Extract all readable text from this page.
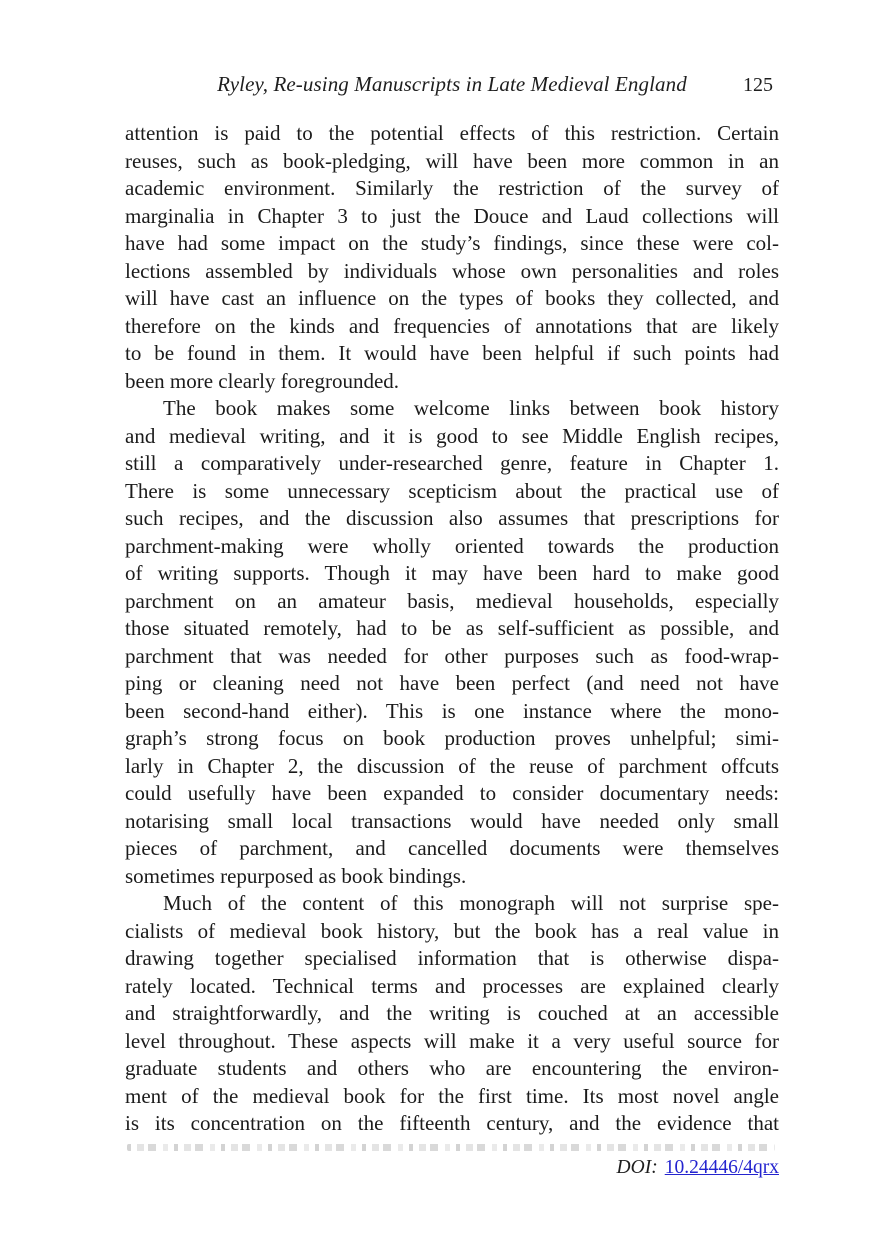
Ryley, Re-using Manuscripts in Late Medieval England	125
attention is paid to the potential effects of this restriction. Certain
reuses, such as book-pledging, will have been more common in an
academic environment. Similarly the restriction of the survey of
marginalia in Chapter 3 to just the Douce and Laud collections will
have had some impact on the study’s findings, since these were col-
lections assembled by individuals whose own personalities and roles
will have cast an influence on the types of books they collected, and
therefore on the kinds and frequencies of annotations that are likely
to be found in them. It would have been helpful if such points had
been more clearly foregrounded.
The book makes some welcome links between book history
and medieval writing, and it is good to see Middle English recipes,
still a comparatively under-researched genre, feature in Chapter 1.
There is some unnecessary scepticism about the practical use of
such recipes, and the discussion also assumes that prescriptions for
parchment-making were wholly oriented towards the production
of writing supports. Though it may have been hard to make good
parchment on an amateur basis, medieval households, especially
those situated remotely, had to be as self-sufficient as possible, and
parchment that was needed for other purposes such as food-wrap-
ping or cleaning need not have been perfect (and need not have
been second-hand either). This is one instance where the mono-
graph’s strong focus on book production proves unhelpful; simi-
larly in Chapter 2, the discussion of the reuse of parchment offcuts
could usefully have been expanded to consider documentary needs:
notarising small local transactions would have needed only small
pieces of parchment, and cancelled documents were themselves
sometimes repurposed as book bindings.
Much of the content of this monograph will not surprise spe-
cialists of medieval book history, but the book has a real value in
drawing together specialised information that is otherwise dispa-
rately located. Technical terms and processes are explained clearly
and straightforwardly, and the writing is couched at an accessible
level throughout. These aspects will make it a very useful source for
graduate students and others who are encountering the environ-
ment of the medieval book for the first time. Its most novel angle
is its concentration on the fifteenth century, and the evidence that
DOI: 10.24446/4qrx
